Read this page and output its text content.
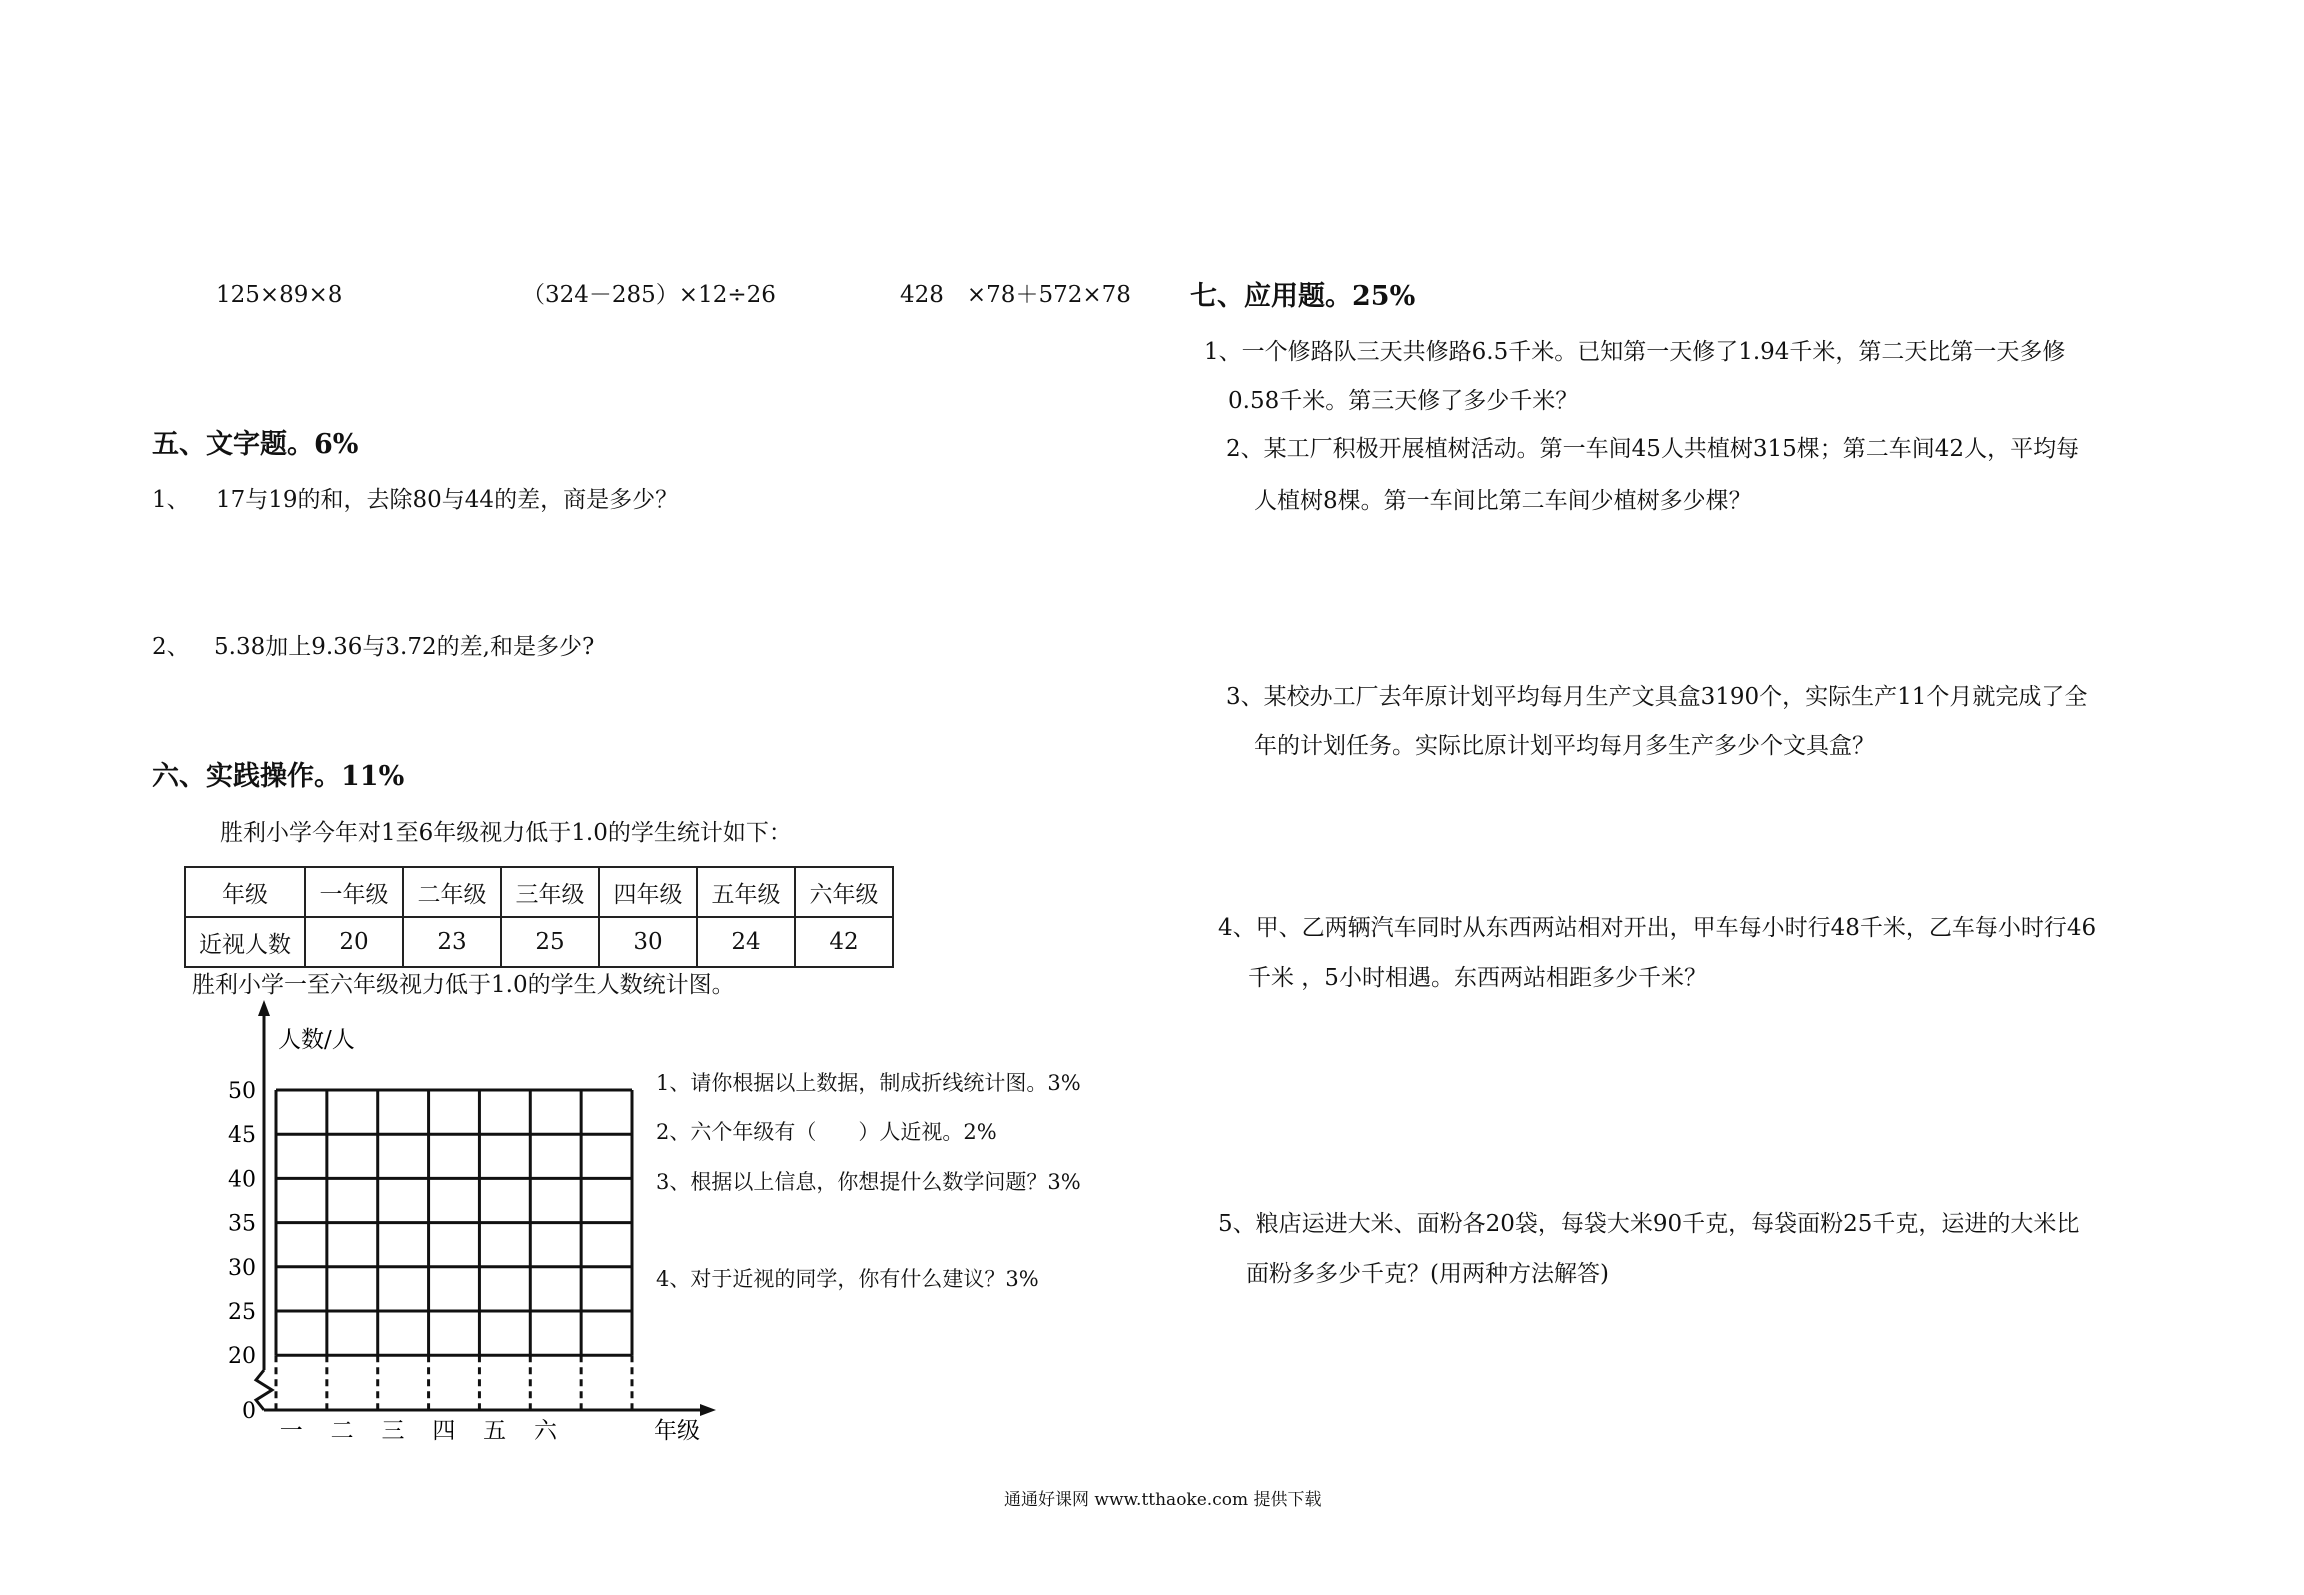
125×89×8	（324－285）×12÷26	428　×78＋572×78
五、文字题。6%
1、 17与19的和，去除80与44的差，商是多少？
2、 5.38加上9.36与3.72的差,和是多少?
六、实践操作。11%
胜利小学今年对1至6年级视力低于1.0的学生统计如下：
年级	一年级	二年级	三年级	四年级	五年级	六年级
近视人数	20	23	25	30	24	42
胜利小学一至六年级视力低于1.0的学生人数统计图。
50
45
40
35
30
25
20
0
一 二 三 四 五 六
人数/人
年级
1、请你根据以上数据，制成折线统计图。3%
2、六个年级有（　　）人近视。2%
3、根据以上信息，你想提什么数学问题？3%
4、对于近视的同学，你有什么建议？3%
七、应用题。25%
1、一个修路队三天共修路6.5千米。已知第一天修了1.94千米，第二天比第一天多修
0.58千米。第三天修了多少千米？
2、某工厂积极开展植树活动。第一车间45人共植树315棵；第二车间42人，平均每
人植树8棵。第一车间比第二车间少植树多少棵？
3、某校办工厂去年原计划平均每月生产文具盒3190个，实际生产11个月就完成了全
年的计划任务。实际比原计划平均每月多生产多少个文具盒？
4、甲、乙两辆汽车同时从东西两站相对开出，甲车每小时行48千米，乙车每小时行46
千米 ，5小时相遇。东西两站相距多少千米？
5、粮店运进大米、面粉各20袋，每袋大米90千克，每袋面粉25千克，运进的大米比
面粉多多少千克？(用两种方法解答)
通通好课网 www.tthaoke.com 提供下载
